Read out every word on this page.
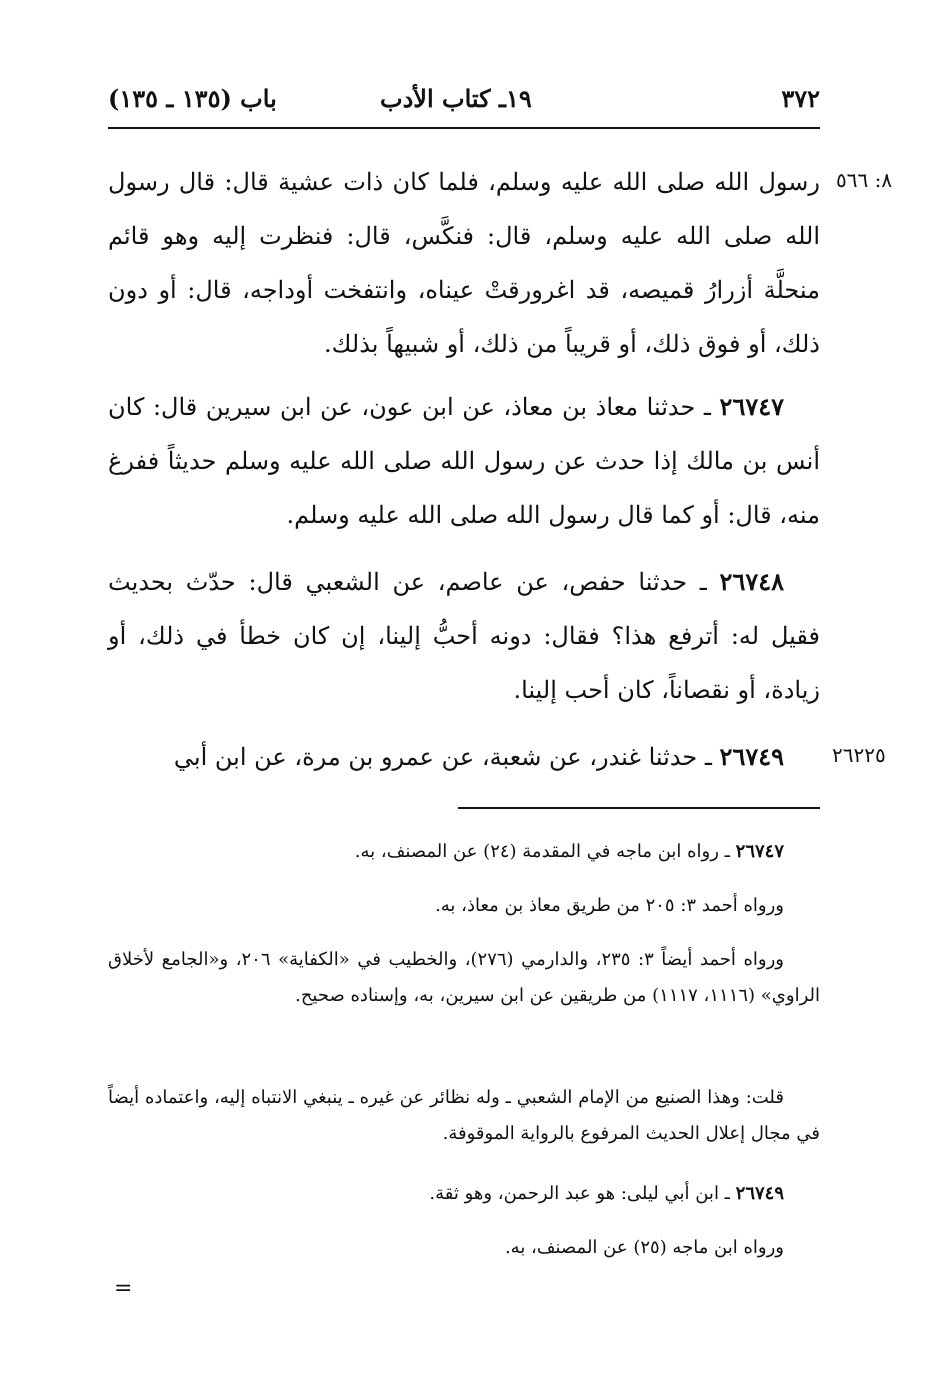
٣٧٢
١٩ـ كتاب الأدب
باب (١٣٥ ـ ١٣٥)
٨: ٥٦٦
رسول الله صلى الله عليه وسلم، فلما كان ذات عشية قال: قال رسول الله صلى الله عليه وسلم، قال: فنكَّس، قال: فنظرت إليه وهو قائم منحلَّة أزرارُ قميصه، قد اغرورقتْ عيناه، وانتفخت أوداجه، قال: أو دون ذلك، أو فوق ذلك، أو قريباً من ذلك، أو شبيهاً بذلك.
٢٦٧٤٧ ـ حدثنا معاذ بن معاذ، عن ابن عون، عن ابن سيرين قال: كان أنس بن مالك إذا حدث عن رسول الله صلى الله عليه وسلم حديثاً ففرغ منه، قال: أو كما قال رسول الله صلى الله عليه وسلم.
٢٦٧٤٨ ـ حدثنا حفص، عن عاصم، عن الشعبي قال: حدّث بحديث فقيل له: أترفع هذا؟ فقال: دونه أحبُّ إلينا، إن كان خطأ في ذلك، أو زيادة، أو نقصاناً، كان أحب إلينا.
٢٦٢٢٥
٢٦٧٤٩ ـ حدثنا غندر، عن شعبة، عن عمرو بن مرة، عن ابن أبي
٢٦٧٤٧ ـ رواه ابن ماجه في المقدمة (٢٤) عن المصنف، به.
ورواه أحمد ٣: ٢٠٥ من طريق معاذ بن معاذ، به.
ورواه أحمد أيضاً ٣: ٢٣٥، والدارمي (٢٧٦)، والخطيب في «الكفاية» ٢٠٦، و«الجامع لأخلاق الراوي» (١١١٦، ١١١٧) من طريقين عن ابن سيرين، به، وإسناده صحيح.
قلت: وهذا الصنيع من الإمام الشعبي ـ وله نظائر عن غيره ـ ينبغي الانتباه إليه، واعتماده أيضاً في مجال إعلال الحديث المرفوع بالرواية الموقوفة.
٢٦٧٤٩ ـ ابن أبي ليلى: هو عبد الرحمن، وهو ثقة.
ورواه ابن ماجه (٢٥) عن المصنف، به.
=
